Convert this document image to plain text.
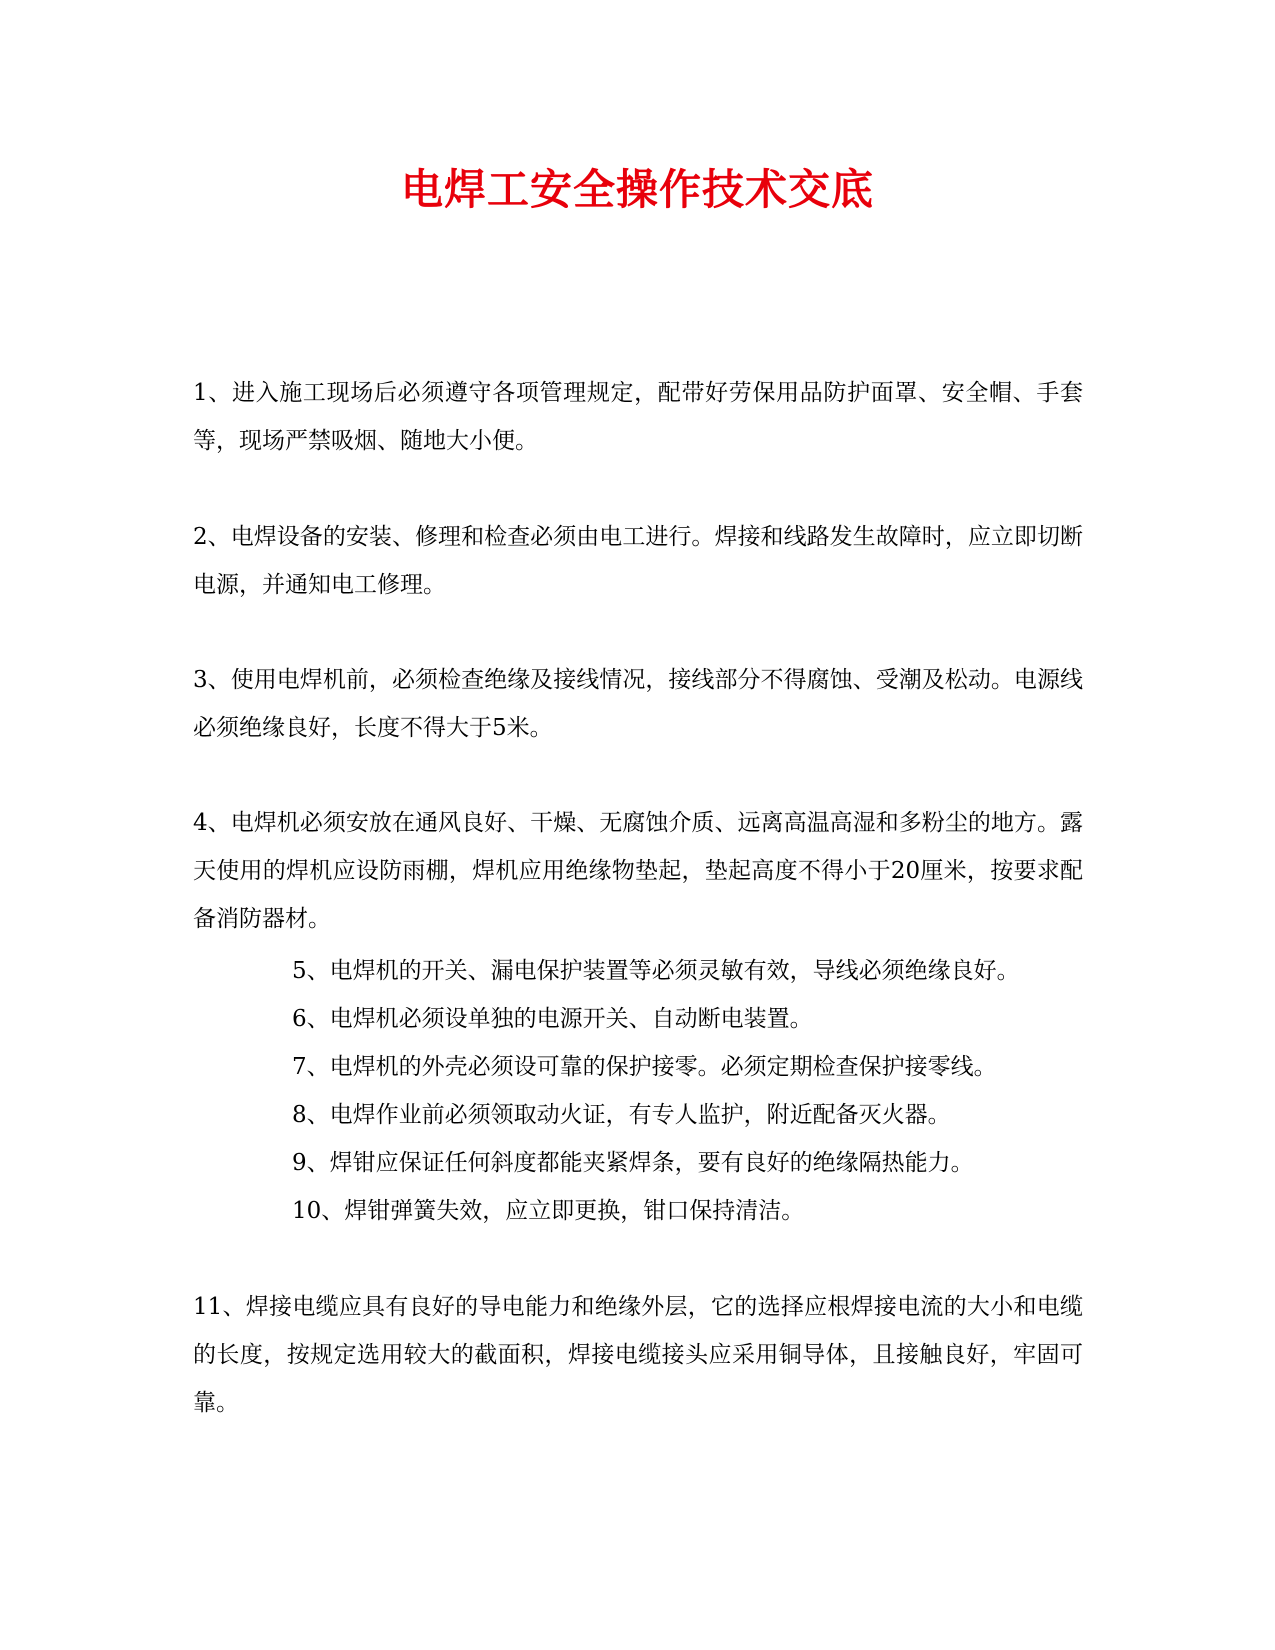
电焊工安全操作技术交底

1、进入施工现场后必须遵守各项管理规定，配带好劳保用品防护面罩、安全帽、手套等，现场严禁吸烟、随地大小便。

2、电焊设备的安装、修理和检查必须由电工进行。焊接和线路发生故障时，应立即切断电源，并通知电工修理。

3、使用电焊机前，必须检查绝缘及接线情况，接线部分不得腐蚀、受潮及松动。电源线必须绝缘良好，长度不得大于5米。

4、电焊机必须安放在通风良好、干燥、无腐蚀介质、远离高温高湿和多粉尘的地方。露天使用的焊机应设防雨棚，焊机应用绝缘物垫起，垫起高度不得小于20厘米，按要求配备消防器材。

5、电焊机的开关、漏电保护装置等必须灵敏有效，导线必须绝缘良好。

6、电焊机必须设单独的电源开关、自动断电装置。

7、电焊机的外壳必须设可靠的保护接零。必须定期检查保护接零线。

8、电焊作业前必须领取动火证，有专人监护，附近配备灭火器。

9、焊钳应保证任何斜度都能夹紧焊条，要有良好的绝缘隔热能力。

10、焊钳弹簧失效，应立即更换，钳口保持清洁。

11、焊接电缆应具有良好的导电能力和绝缘外层，它的选择应根焊接电流的大小和电缆的长度，按规定选用较大的截面积，焊接电缆接头应采用铜导体，且接触良好，牢固可靠。
